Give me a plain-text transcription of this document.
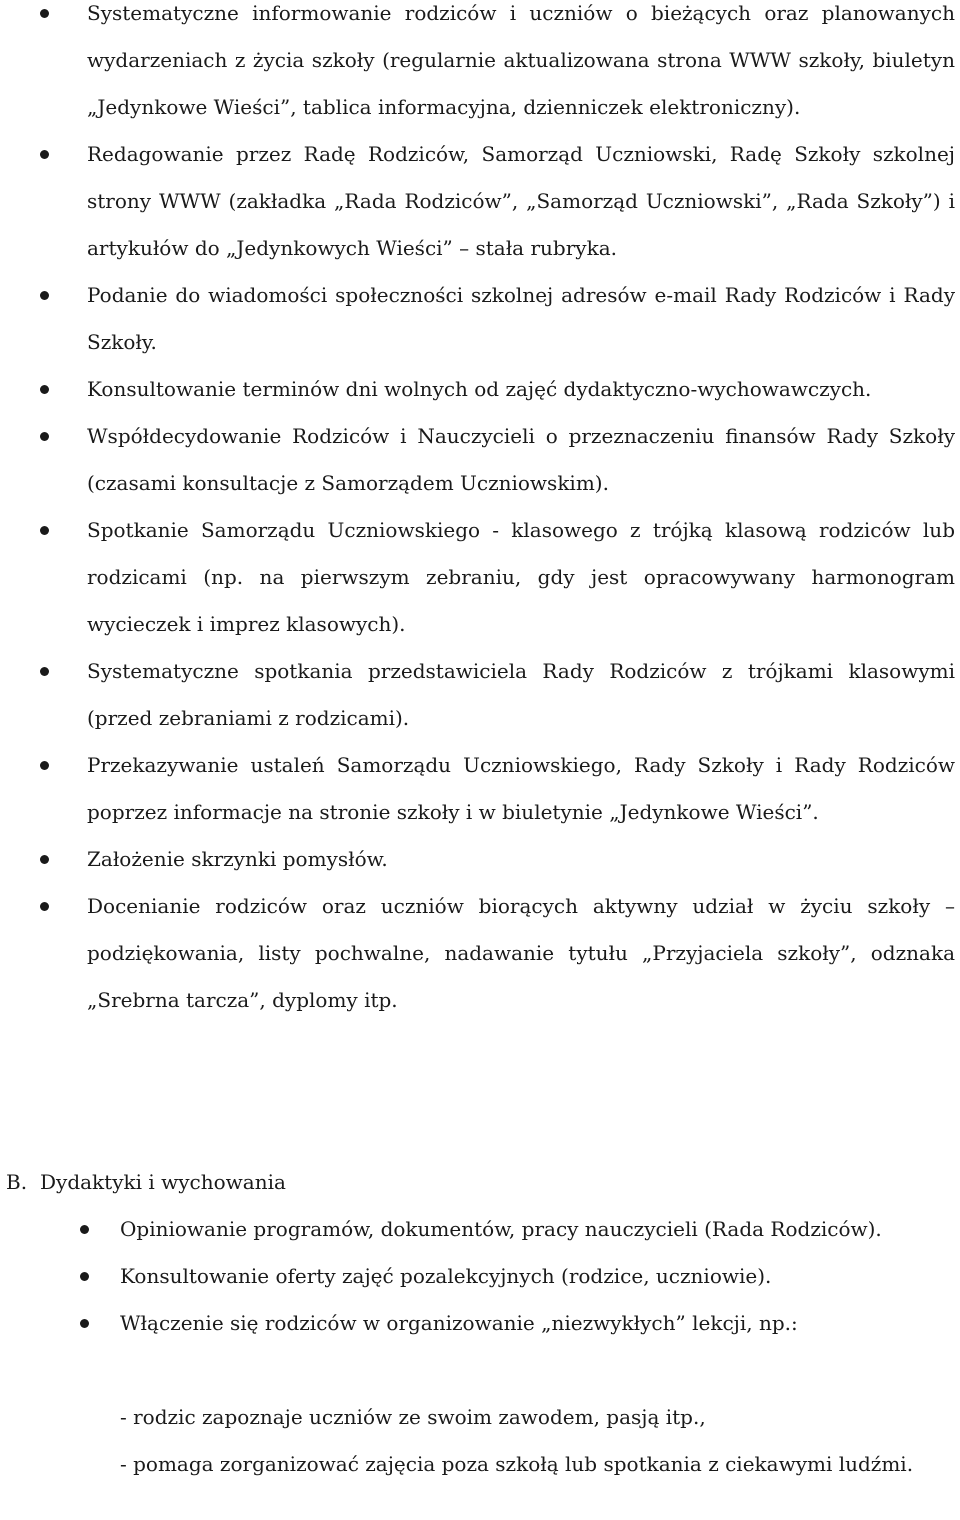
Systematyczne informowanie rodziców i uczniów o bieżących oraz planowanych wydarzeniach z życia szkoły (regularnie aktualizowana strona WWW szkoły, biuletyn „Jedynkowe Wieści”, tablica informacyjna, dzienniczek elektroniczny).
Redagowanie przez Radę Rodziców, Samorząd Uczniowski, Radę Szkoły szkolnej strony WWW (zakładka „Rada Rodziców”, „Samorząd Uczniowski”, „Rada Szkoły”) i artykułów do „Jedynkowych Wieści” – stała rubryka.
Podanie do wiadomości społeczności szkolnej adresów e-mail Rady Rodziców i Rady Szkoły.
Konsultowanie terminów dni wolnych od zajęć dydaktyczno-wychowawczych.
Współdecydowanie Rodziców i Nauczycieli o przeznaczeniu finansów Rady Szkoły (czasami konsultacje z Samorządem Uczniowskim).
Spotkanie Samorządu Uczniowskiego - klasowego z trójką klasową rodziców lub rodzicami (np. na pierwszym zebraniu, gdy jest opracowywany harmonogram wycieczek i imprez klasowych).
Systematyczne spotkania przedstawiciela Rady Rodziców z trójkami klasowymi (przed zebraniami z rodzicami).
Przekazywanie ustaleń Samorządu Uczniowskiego, Rady Szkoły i Rady Rodziców poprzez informacje na stronie szkoły i w biuletynie „Jedynkowe Wieści”.
Założenie skrzynki pomysłów.
Docenianie rodziców oraz uczniów biorących aktywny udział w życiu szkoły – podziękowania, listy pochwalne, nadawanie tytułu „Przyjaciela szkoły”, odznaka „Srebrna tarcza”, dyplomy itp.
B. Dydaktyki i wychowania
Opiniowanie programów, dokumentów, pracy nauczycieli (Rada Rodziców).
Konsultowanie oferty zajęć pozalekcyjnych (rodzice, uczniowie).
Włączenie się rodziców w organizowanie „niezwykłych” lekcji, np.:

- rodzic zapoznaje uczniów ze swoim zawodem, pasją itp.,

- pomaga zorganizować zajęcia poza szkołą lub spotkania z ciekawymi ludźmi.
